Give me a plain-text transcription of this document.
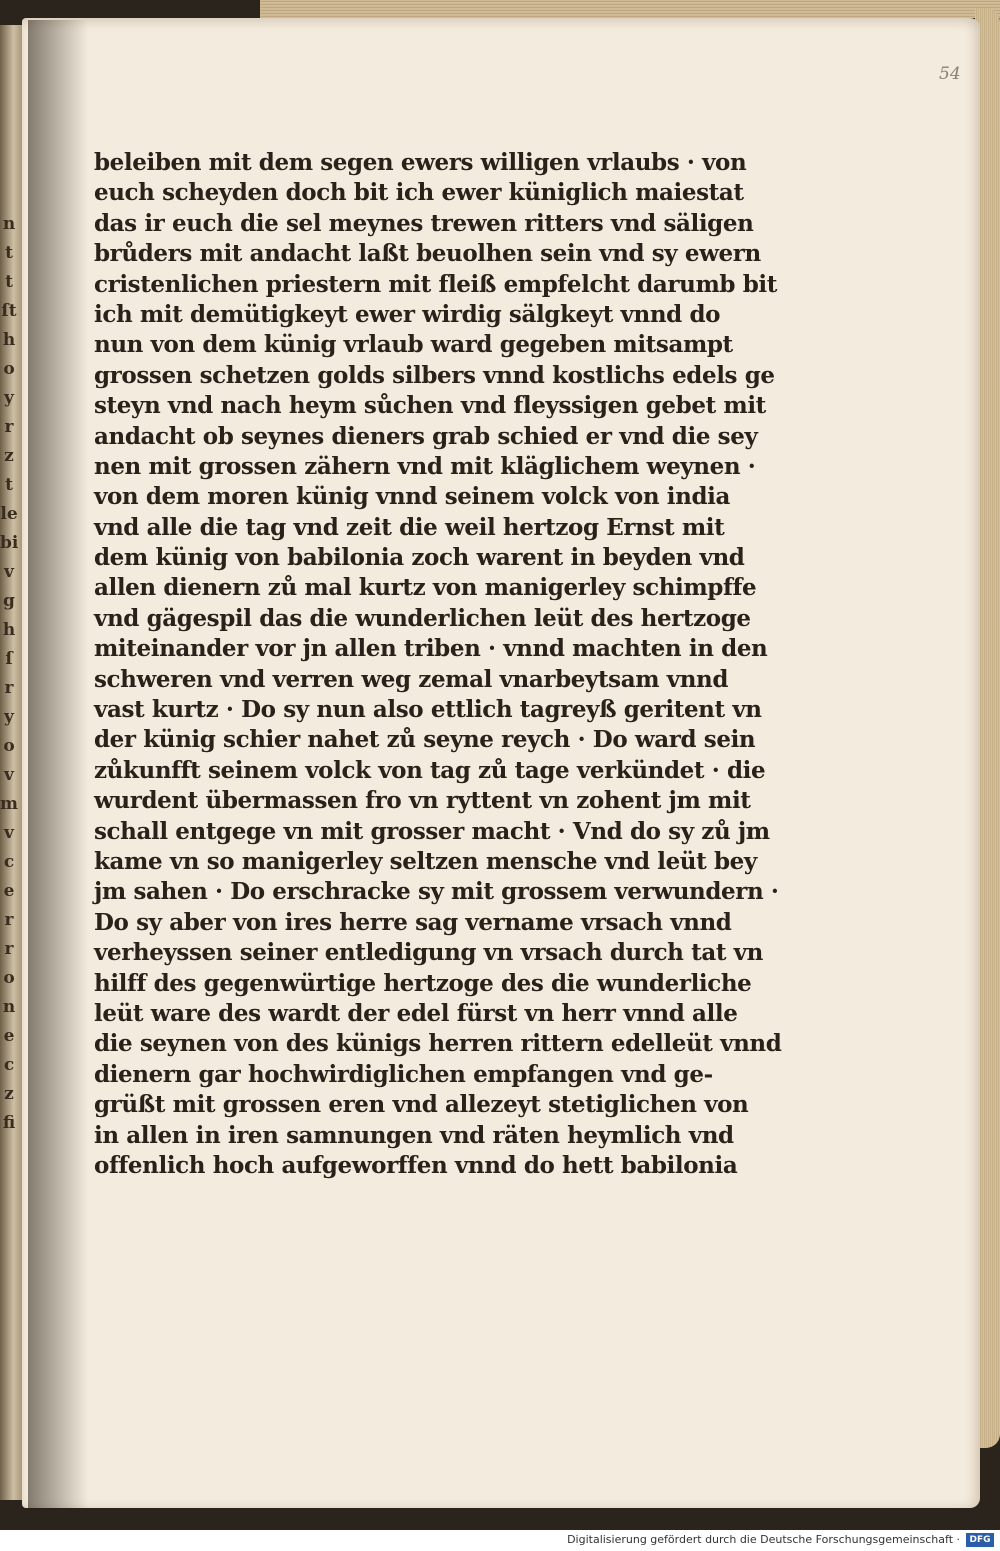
54
n
t
t
ſt
h
o
y
r
z
t
le
bi
v
g
h
ſ
r
y
o
v
m
v
c
e
r
r
o
n
e
c
z
fi
beleiben mit dem segen ewers willigen vrlaubs · von
euch scheyden doch bit ich ewer küniglich maiestat
das ir euch die sel meynes trewen ritters vnd säligen
brůders mit andacht laßt beuolhen sein vnd sy ewern
cristenlichen priestern mit fleiß empfelcht darumb bit
ich mit demütigkeyt ewer wirdig sälgkeyt vnnd do
nun von dem künig vrlaub ward gegeben mitsampt
grossen schetzen golds silbers vnnd kostlichs edels ge
steyn vnd nach heym sůchen vnd fleyssigen gebet mit
andacht ob seynes dieners grab schied er vnd die sey
nen mit grossen zähern vnd mit kläglichem weynen ·
von dem moren künig vnnd seinem volck von india
vnd alle die tag vnd zeit die weil hertzog Ernst mit
dem künig von babilonia zoch warent in beyden vnd
allen dienern zů mal kurtz von manigerley schimpffe
vnd gägespil das die wunderlichen leüt des hertzoge
miteinander vor jn allen triben · vnnd machten in den
schweren vnd verren weg zemal vnarbeytsam vnnd
vast kurtz · Do sy nun also ettlich tagreyß geritent vn
der künig schier nahet zů seyne reych · Do ward sein
zůkunfft seinem volck von tag zů tage verkündet · die
wurdent übermassen fro vn ryttent vn zohent jm mit
schall entgege vn mit grosser macht · Vnd do sy zů jm
kame vn so manigerley seltzen mensche vnd leüt bey
jm sahen · Do erschracke sy mit grossem verwundern ·
Do sy aber von ires herre sag vername vrsach vnnd
verheyssen seiner entledigung vn vrsach durch tat vn
hilff des gegenwürtige hertzoge des die wunderliche
leüt ware des wardt der edel fürst vn herr vnnd alle
die seynen von des künigs herren rittern edelleüt vnnd
dienern gar hochwirdiglichen empfangen vnd ge-
grüßt mit grossen eren vnd allezeyt stetiglichen von
in allen in iren samnungen vnd räten heymlich vnd
offenlich hoch aufgeworffen vnnd do hett babilonia
Digitalisierung gefördert durch die Deutsche Forschungsgemeinschaft ·	DFG
